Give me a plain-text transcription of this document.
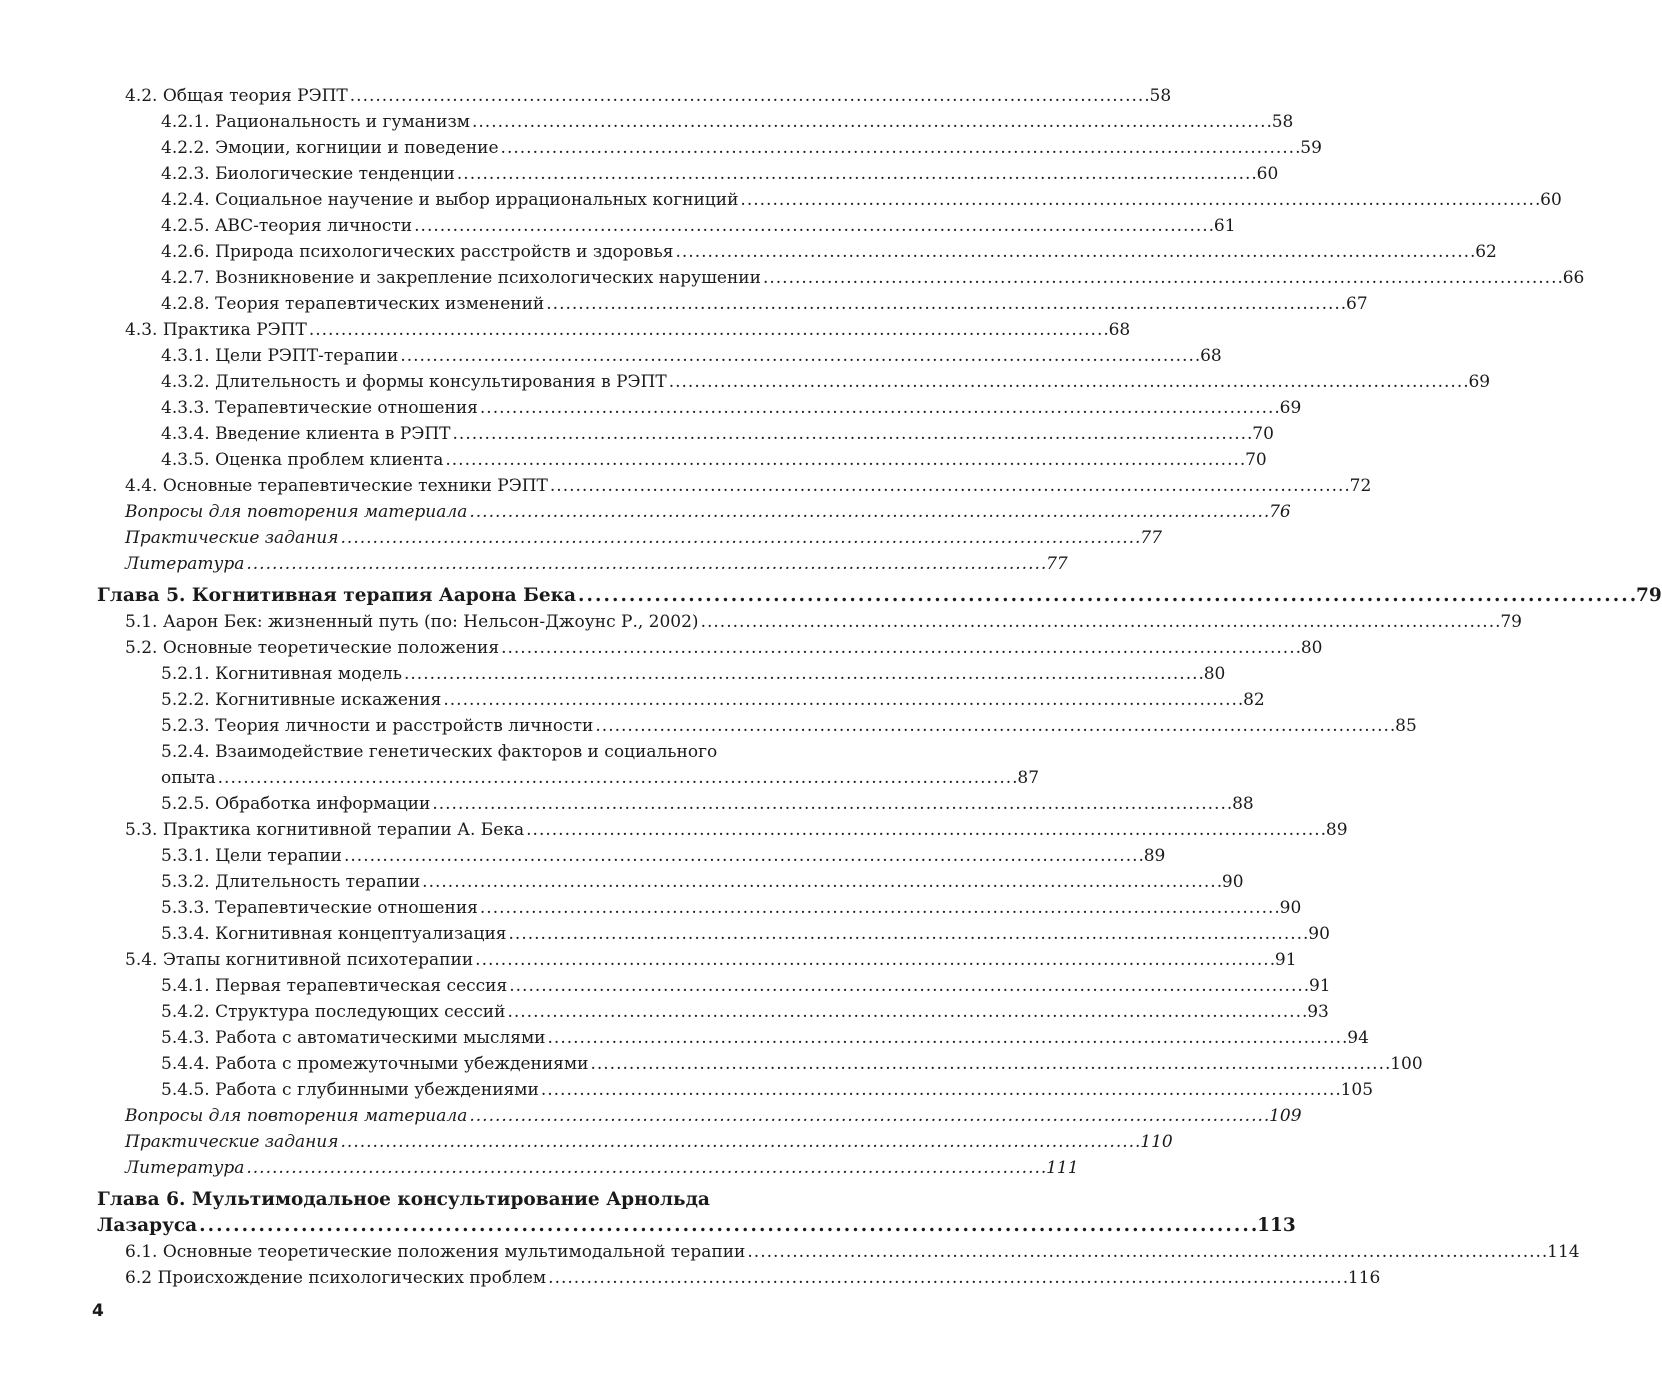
4.2. Общая теория РЭПТ . . .	58
4.2.1. Рациональность и гуманизм . . .	58
4.2.2. Эмоции, когниции и поведение . . .	59
4.2.3. Биологические тенденции . . .	60
4.2.4. Социальное научение и выбор иррациональных когниций . . .	60
4.2.5. ABC-теория личности . . .	61
4.2.6. Природа психологических расстройств и здоровья . . .	62
4.2.7. Возникновение и закрепление психологических нарушении . . .	66
4.2.8. Теория терапевтических изменений . . .	67
4.3. Практика РЭПТ . . .	68
4.3.1. Цели РЭПТ-терапии . . .	68
4.3.2. Длительность и формы консультирования в РЭПТ . . .	69
4.3.3. Терапевтические отношения . . .	69
4.3.4. Введение клиента в РЭПТ . . .	70
4.3.5. Оценка проблем клиента . . .	70
4.4. Основные терапевтические техники РЭПТ . . .	72
Вопросы для повторения материала . . .	76
Практические задания . . .	77
Литература . . .	77
Глава 5. Когнитивная терапия Аарона Бека . . .	79
5.1. Аарон Бек: жизненный путь (по: Нельсон-Джоунс Р., 2002) . . .	79
5.2. Основные теоретические положения . . .	80
5.2.1. Когнитивная модель . . .	80
5.2.2. Когнитивные искажения . . .	82
5.2.3. Теория личности и расстройств личности . . .	85
5.2.4. Взаимодействие генетических факторов и социального
опыта . . .	87
5.2.5. Обработка информации . . .	88
5.3. Практика когнитивной терапии А. Бека . . .	89
5.3.1. Цели терапии . . .	89
5.3.2. Длительность терапии . . .	90
5.3.3. Терапевтические отношения . . .	90
5.3.4. Когнитивная концептуализация . . .	90
5.4. Этапы когнитивной психотерапии . . .	91
5.4.1. Первая терапевтическая сессия . . .	91
5.4.2. Структура последующих сессий . . .	93
5.4.3. Работа с автоматическими мыслями . . .	94
5.4.4. Работа с промежуточными убеждениями . . .	100
5.4.5. Работа с глубинными убеждениями . . .	105
Вопросы для повторения материала . . .	109
Практические задания . . .	110
Литература . . .	111
Глава 6. Мультимодальное консультирование Арнольда
Лазаруса . . .	113
6.1. Основные теоретические положения мультимодальной терапии . . .	114
6.2 Происхождение психологических проблем . . .	116
4
